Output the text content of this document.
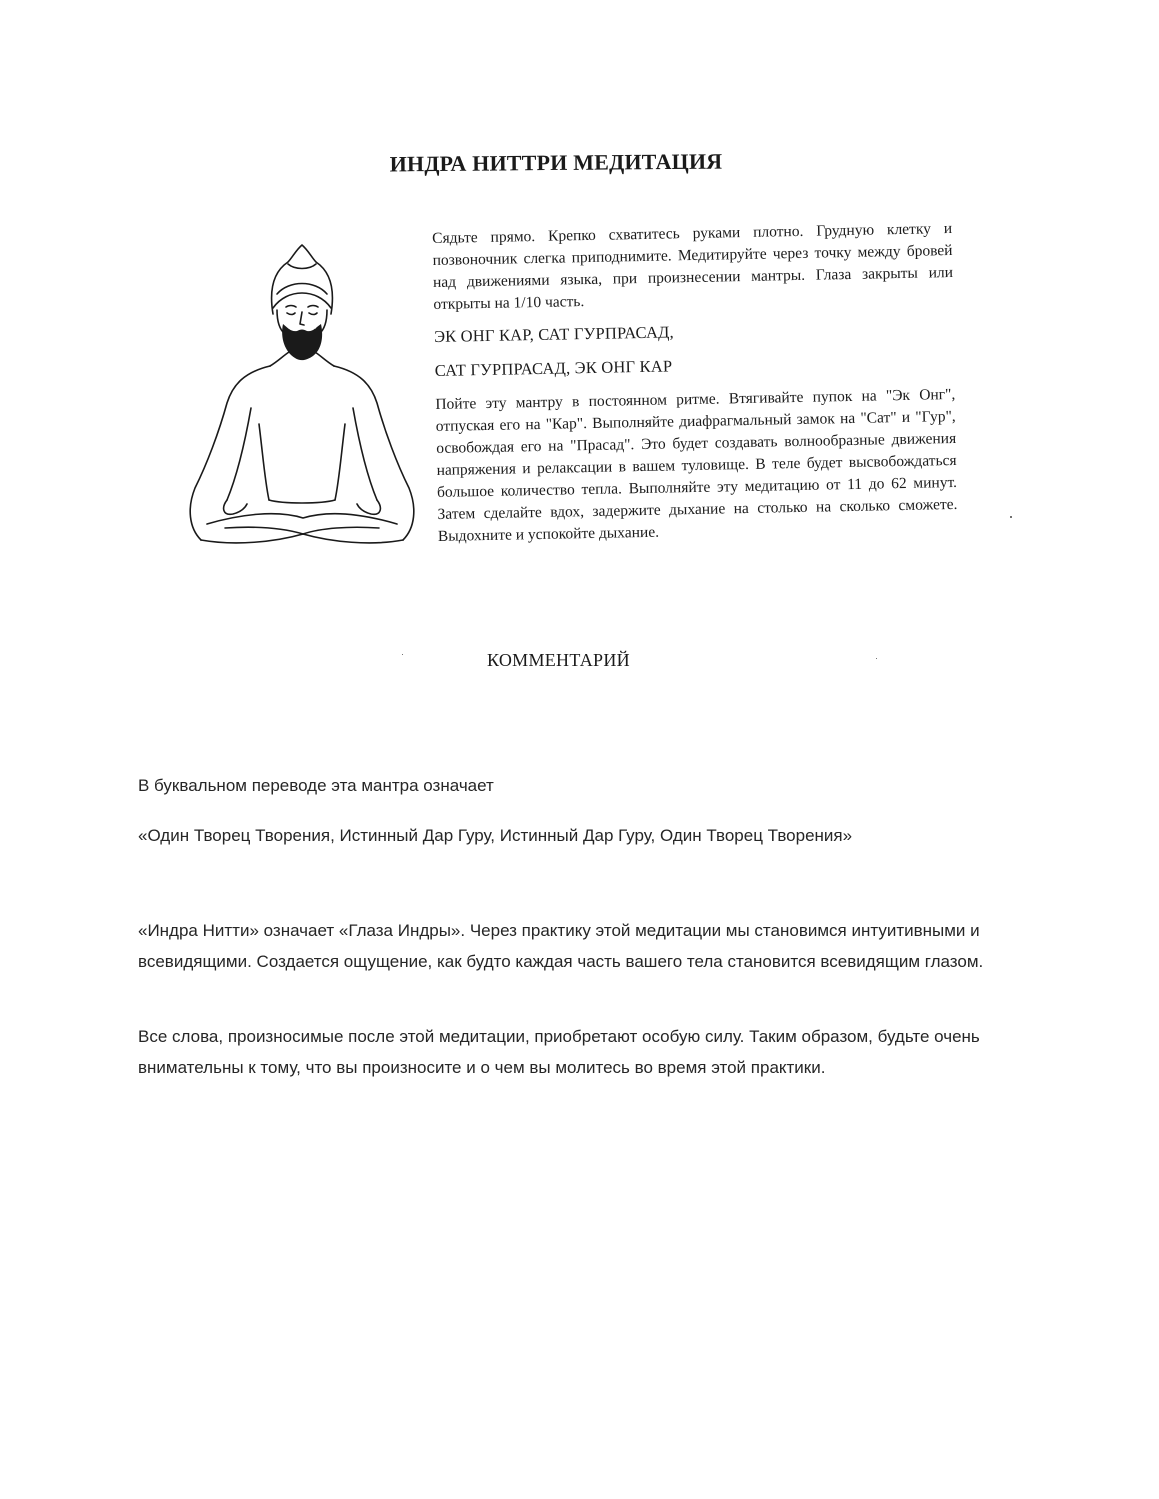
ИНДРА НИТТРИ МЕДИТАЦИЯ

Сядьте прямо. Крепко схватитесь руками плотно. Грудную клетку и позвоночник слегка приподнимите. Медитируйте через точку между бровей над движениями языка, при произнесении мантры. Глаза закрыты или открыты на 1/10 часть.

ЭК ОНГ КАР, САТ ГУРПРАСАД,

САТ ГУРПРАСАД, ЭК ОНГ КАР

Пойте эту мантру в постоянном ритме. Втягивайте пупок на "Эк Онг", отпуская его на "Кар". Выполняйте диафрагмальный замок на "Сат" и "Гур", освобождая его на "Прасад". Это будет создавать волнообразные движения напряжения и релаксации в вашем туловище. В теле будет высвобождаться большое количество тепла. Выполняйте эту медитацию от 11 до 62 минут. Затем сделайте вдох, задержите дыхание на столько на сколько сможете. Выдохните и успокойте дыхание.

КОММЕНТАРИЙ

В буквальном переводе эта мантра означает

«Один Творец Творения, Истинный Дар Гуру, Истинный Дар Гуру, Один Творец Творения»

«Индра Нитти» означает «Глаза Индры». Через практику этой медитации мы становимся интуитивными и всевидящими. Создается ощущение, как будто каждая часть вашего тела становится всевидящим глазом.

Все слова, произносимые после этой медитации, приобретают особую силу. Таким образом, будьте очень внимательны к тому, что вы произносите и о чем вы молитесь во время этой практики.
